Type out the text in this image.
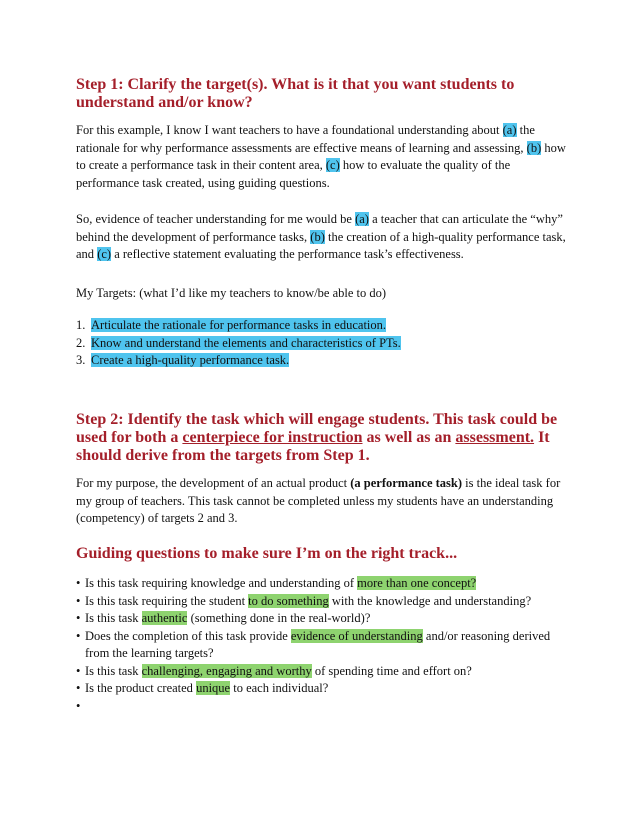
Step 1: Clarify the target(s). What is it that you want students to understand and/or know?

For this example, I know I want teachers to have a foundational understanding about (a) the rationale for why performance assessments are effective means of learning and assessing, (b) how to create a performance task in their content area, (c) how to evaluate the quality of the performance task created, using guiding questions.

So, evidence of teacher understanding for me would be (a) a teacher that can articulate the “why” behind the development of performance tasks, (b) the creation of a high-quality performance task, and (c) a reflective statement evaluating the performance task’s effectiveness.

My Targets: (what I’d like my teachers to know/be able to do)

1. Articulate the rationale for performance tasks in education.
2. Know and understand the elements and characteristics of PTs.
3. Create a high-quality performance task.
Step 2: Identify the task which will engage students. This task could be used for both a centerpiece for instruction as well as an assessment. It should derive from the targets from Step 1.

For my purpose, the development of an actual product (a performance task) is the ideal task for my group of teachers. This task cannot be completed unless my students have an understanding (competency) of targets 2 and 3.

Guiding questions to make sure I’m on the right track...
• Is this task requiring knowledge and understanding of more than one concept?
• Is this task requiring the student to do something with the knowledge and understanding?
• Is this task authentic (something done in the real-world)?
• Does the completion of this task provide evidence of understanding and/or reasoning derived from the learning targets?
• Is this task challenging, engaging and worthy of spending time and effort on?
• Is the product created unique to each individual?
•
